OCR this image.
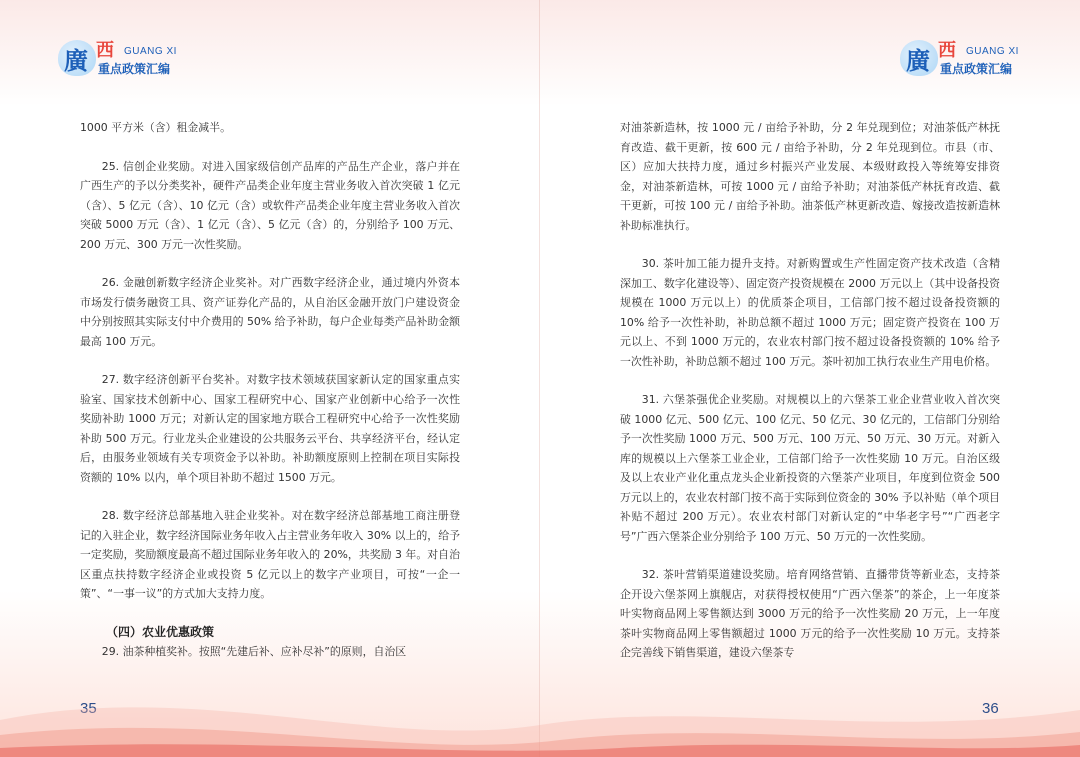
廣 西 GUANG XI
重点政策汇编

1000 平方米（含）租金减半。

25. 信创企业奖励。对进入国家级信创产品库的产品生产企业，落户并在广西生产的予以分类奖补，硬件产品类企业年度主营业务收入首次突破 1 亿元（含）、5 亿元（含）、10 亿元（含）或软件产品类企业年度主营业务收入首次突破 5000 万元（含）、1 亿元（含）、5 亿元（含）的，分别给予 100 万元、200 万元、300 万元一次性奖励。

26. 金融创新数字经济企业奖补。对广西数字经济企业，通过境内外资本市场发行债务融资工具、资产证券化产品的，从自治区金融开放门户建设资金中分别按照其实际支付中介费用的 50% 给予补助，每户企业每类产品补助金额最高 100 万元。

27. 数字经济创新平台奖补。对数字技术领域获国家新认定的国家重点实验室、国家技术创新中心、国家工程研究中心、国家产业创新中心给予一次性奖励补助 1000 万元；对新认定的国家地方联合工程研究中心给予一次性奖励补助 500 万元。行业龙头企业建设的公共服务云平台、共享经济平台，经认定后，由服务业领域有关专项资金予以补助。补助额度原则上控制在项目实际投资额的 10% 以内，单个项目补助不超过 1500 万元。

28. 数字经济总部基地入驻企业奖补。对在数字经济总部基地工商注册登记的入驻企业，数字经济国际业务年收入占主营业务年收入 30% 以上的，给予一定奖励，奖励额度最高不超过国际业务年收入的 20%，共奖励 3 年。对自治区重点扶持数字经济企业或投资 5 亿元以上的数字产业项目，可按“一企一策”、“一事一议”的方式加大支持力度。

（四）农业优惠政策

29. 油茶种植奖补。按照“先建后补、应补尽补”的原则，自治区

35
廣 西 GUANG XI
重点政策汇编

对油茶新造林，按 1000 元 / 亩给予补助，分 2 年兑现到位；对油茶低产林抚育改造、截干更新，按 600 元 / 亩给予补助，分 2 年兑现到位。市县（市、区）应加大扶持力度，通过乡村振兴产业发展、本级财政投入等统筹安排资金，对油茶新造林，可按 1000 元 / 亩给予补助；对油茶低产林抚育改造、截干更新，可按 100 元 / 亩给予补助。油茶低产林更新改造、嫁接改造按新造林补助标准执行。

30. 茶叶加工能力提升支持。对新购置或生产性固定资产技术改造（含精深加工、数字化建设等）、固定资产投资规模在 2000 万元以上（其中设备投资规模在 1000 万元以上）的优质茶企项目，工信部门按不超过设备投资额的 10% 给予一次性补助，补助总额不超过 1000 万元；固定资产投资在 100 万元以上、不到 1000 万元的，农业农村部门按不超过设备投资额的 10% 给予一次性补助，补助总额不超过 100 万元。茶叶初加工执行农业生产用电价格。

31. 六堡茶强优企业奖励。对规模以上的六堡茶工业企业营业收入首次突破 1000 亿元、500 亿元、100 亿元、50 亿元、30 亿元的，工信部门分别给予一次性奖励 1000 万元、500 万元、100 万元、50 万元、30 万元。对新入库的规模以上六堡茶工业企业，工信部门给予一次性奖励 10 万元。自治区级及以上农业产业化重点龙头企业新投资的六堡茶产业项目，年度到位资金 500 万元以上的，农业农村部门按不高于实际到位资金的 30% 予以补贴（单个项目补贴不超过 200 万元）。农业农村部门对新认定的“中华老字号”“广西老字号”广西六堡茶企业分别给予 100 万元、50 万元的一次性奖励。

32. 茶叶营销渠道建设奖励。培育网络营销、直播带货等新业态，支持茶企开设六堡茶网上旗舰店，对获得授权使用“广西六堡茶”的茶企，上一年度茶叶实物商品网上零售额达到 3000 万元的给予一次性奖励 20 万元，上一年度茶叶实物商品网上零售额超过 1000 万元的给予一次性奖励 10 万元。支持茶企完善线下销售渠道，建设六堡茶专

36
